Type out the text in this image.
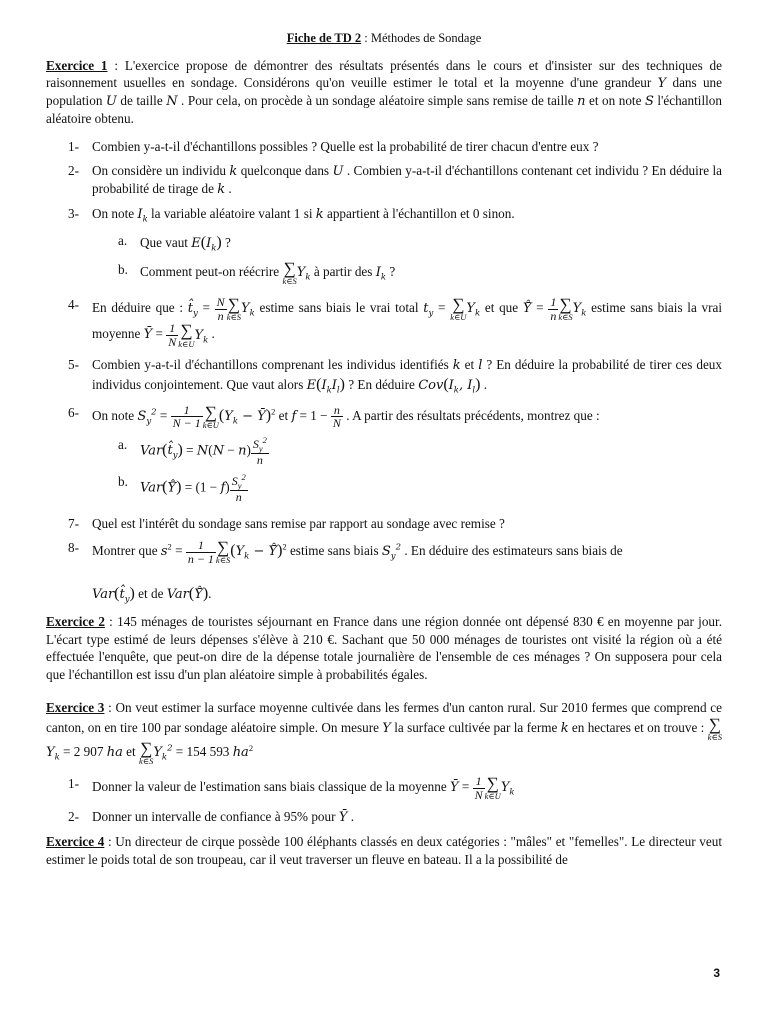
Fiche de TD 2 : Méthodes de Sondage

Exercice 1 : L'exercice propose de démontrer des résultats présentés dans le cours et d'insister sur des techniques de raisonnement usuelles en sondage. Considérons qu'on veuille estimer le total et la moyenne d'une grandeur Y dans une population U de taille N . Pour cela, on procède à un sondage aléatoire simple sans remise de taille n et on note S l'échantillon aléatoire obtenu.

1- Combien y-a-t-il d'échantillons possibles ? Quelle est la probabilité de tirer chacun d'entre eux ?
2- On considère un individu k quelconque dans U . Combien y-a-t-il d'échantillons contenant cet individu ? En déduire la probabilité de tirage de k .
3- On note $I_k$ la variable aléatoire valant 1 si k appartient à l'échantillon et 0 sinon.
a. Que vaut $E(I_k)$ ?
b. Comment peut-on réécrire ∑
k∈S
$Y_k$ à partir des $I_k$ ?
4- En déduire que : $t̂_y = \frac{N}{n}$ ∑
k∈S
$Y_k$ estime sans biais le vrai total $t_y$ = ∑
k∈U
$Y_k$ et que Ŷ̄ = $\frac{1}{n}$ ∑
k∈S
$Y_k$ estime sans biais la vrai moyenne Ȳ = $\frac{1}{N}$ ∑
k∈U
$Y_k$ .
5- Combien y-a-t-il d'échantillons comprenant les individus identifiés k et l ? En déduire la probabilité de tirer ces deux individus conjointement. Que vaut alors $E(I_kI_l)$ ? En déduire $Cov(I_k$, $I_l$) .
6- On note $S_y^2 = \frac{1}{N - 1}$ ∑
k∈U
($Y_k$ − Ȳ)$^2$ et $f = 1 - \frac{n}{N}$ . A partir des résultats précédents, montrez que :
a. $Var(t̂_y) = N(N - n) \frac{S_y^2}{n}$
b. Var(Ŷ̄) = $(1 - f) \frac{S_y^2}{n}$
7- Quel est l'intérêt du sondage sans remise par rapport au sondage avec remise ?
8- Montrer que $s^2 = \frac{1}{n - 1}$ ∑
k∈S
($Y_k$ − Ŷ̄)$^2$ estime sans biais $S_y^2$ . En déduire des estimateurs sans biais de

$Var(t̂_y)$ et de Var(Ŷ̄).

Exercice 2 : 145 ménages de touristes séjournant en France dans une région donnée ont dépensé 830 € en moyenne par jour. L'écart type estimé de leurs dépenses s'élève à 210 €. Sachant que 50 000 ménages de touristes ont visité la région où a été effectuée l'enquête, que peut-on dire de la dépense totale journalière de l'ensemble de ces ménages ? On supposera pour cela que l'échantillon est issu d'un plan aléatoire simple à probabilités égales.

Exercice 3 : On veut estimer la surface moyenne cultivée dans les fermes d'un canton rural. Sur 2010 fermes que comprend ce canton, on en tire 100 par sondage aléatoire simple. On mesure Y la surface cultivée par la ferme k en hectares et on trouve : ∑
k∈S
$Y_k = 2$ 907 ha et ∑
k∈S
$Y_k^2 = 154$ 593 $ha^2$

1- Donner la valeur de l'estimation sans biais classique de la moyenne Ȳ = $\frac{1}{N}$ ∑
k∈U
$Y_k$
2- Donner un intervalle de confiance à 95% pour Ȳ .

Exercice 4 : Un directeur de cirque possède 100 éléphants classés en deux catégories : "mâles" et "femelles". Le directeur veut estimer le poids total de son troupeau, car il veut traverser un fleuve en bateau. Il a la possibilité de

3
